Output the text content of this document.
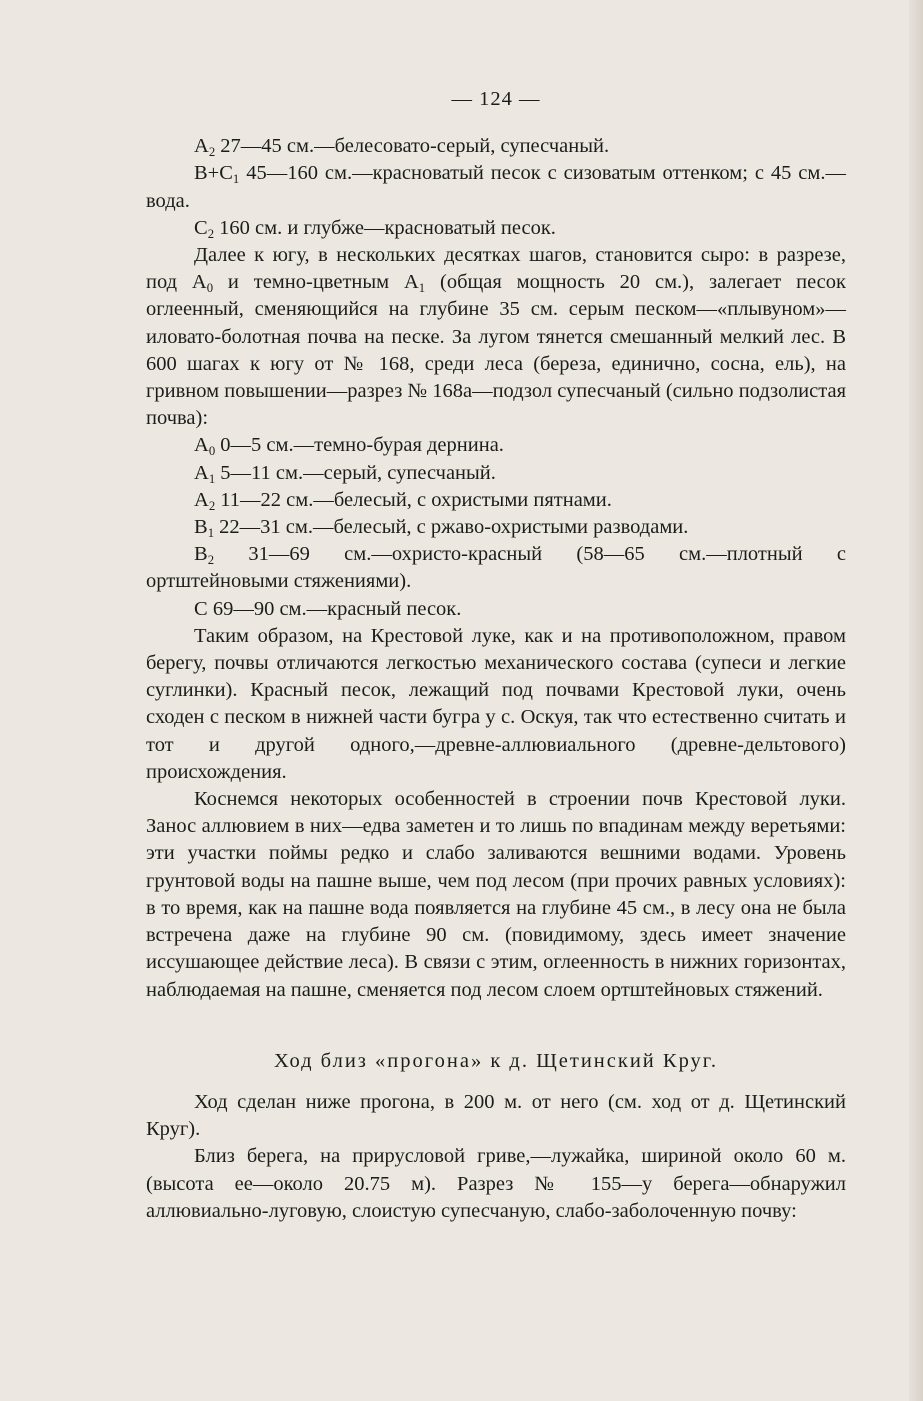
— 124 —

$A_2$ 27—45 см.—белесовато-серый, супесчаный.

$B+C_1$ 45—160 см.—красноватый песок с сизоватым оттенком; с 45 см.—вода.

$C_2$ 160 см. и глубже—красноватый песок.

Далее к югу, в нескольких десятках шагов, становится сыро: в разрезе, под $A_0$ и темно-цветным $A_1$ (общая мощность 20 см.), залегает песок оглеенный, сменяющийся на глубине 35 см. серым песком—«плывуном»—иловато-болотная почва на песке. За лугом тянется смешанный мелкий лес. В 600 шагах к югу от № 168, среди леса (береза, единично, сосна, ель), на гривном повышении—разрез № 168а—подзол супесчаный (сильно подзолистая почва):

$A_0$ 0—5 см.—темно-бурая дернина.

$A_1$ 5—11 см.—серый, супесчаный.

$A_2$ 11—22 см.—белесый, с охристыми пятнами.

$B_1$ 22—31 см.—белесый, с ржаво-охристыми разводами.

$B_2$ 31—69 см.—охристо-красный (58—65 см.—плотный с ортштейновыми стяжениями).

C 69—90 см.—красный песок.

Таким образом, на Крестовой луке, как и на противоположном, правом берегу, почвы отличаются легкостью механического состава (супеси и легкие суглинки). Красный песок, лежащий под почвами Крестовой луки, очень сходен с песком в нижней части бугра у с. Оскуя, так что естественно считать и тот и другой одного,—древне-аллювиального (древне-дельтового) происхождения.

Коснемся некоторых особенностей в строении почв Крестовой луки. Занос аллювием в них—едва заметен и то лишь по впадинам между веретьями: эти участки поймы редко и слабо заливаются вешними водами. Уровень грунтовой воды на пашне выше, чем под лесом (при прочих равных условиях): в то время, как на пашне вода появляется на глубине 45 см., в лесу она не была встречена даже на глубине 90 см. (повидимому, здесь имеет значение иссушающее действие леса). В связи с этим, оглеенность в нижних горизонтах, наблюдаемая на пашне, сменяется под лесом слоем ортштейновых стяжений.

Ход близ «прогона» к д. Щетинский Круг.

Ход сделан ниже прогона, в 200 м. от него (см. ход от д. Щетинский Круг).

Близ берега, на прирусловой гриве,—лужайка, шириной около 60 м. (высота ее—около 20.75 м). Разрез № 155—у берега—обнаружил аллювиально-луговую, слоистую супесчаную, слабо-заболоченную почву:
